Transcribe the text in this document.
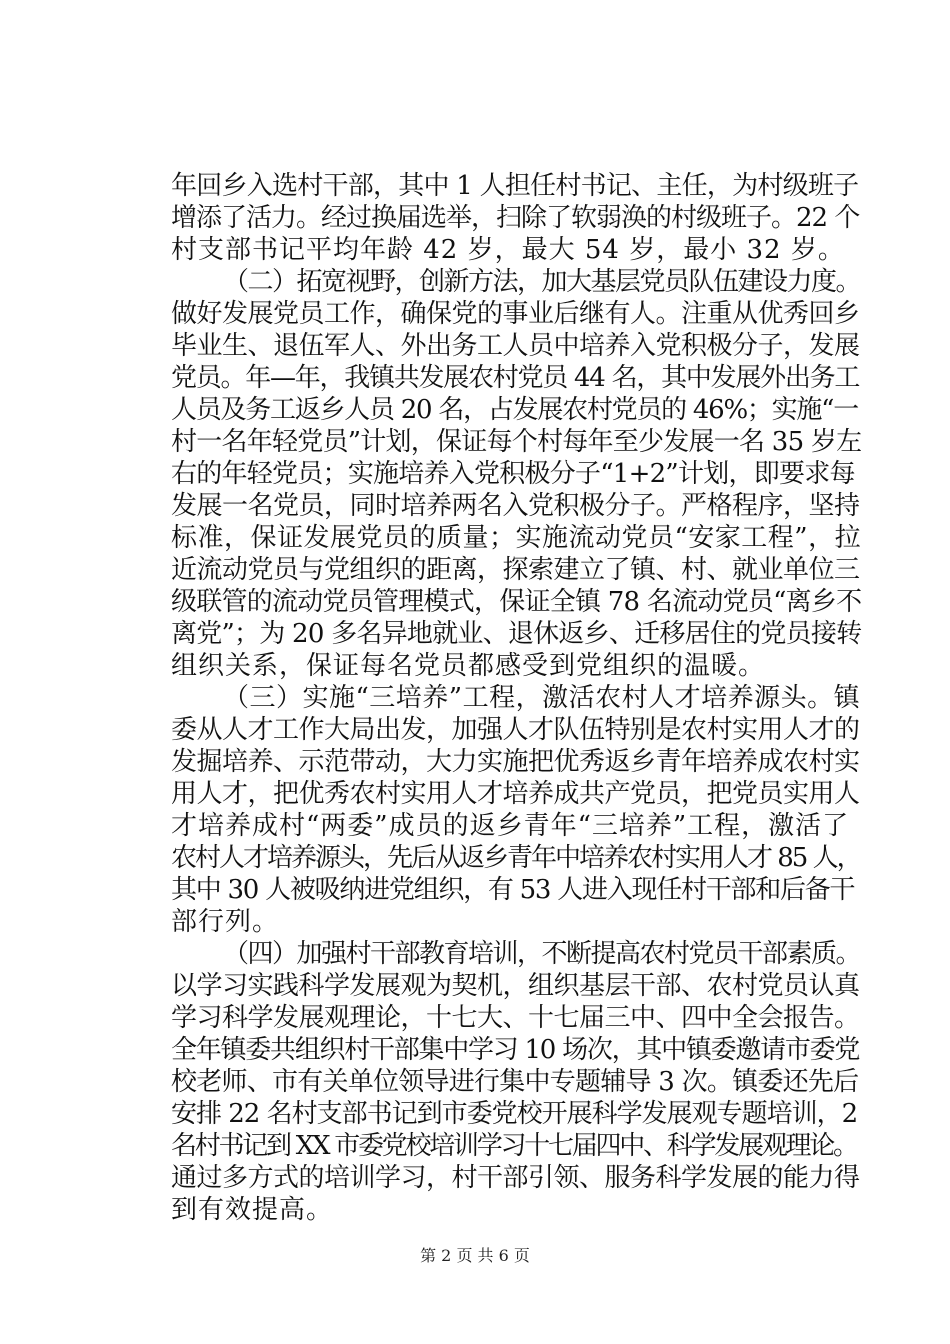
年回乡入选村干部，其中 1 人担任村书记、主任，为村级班子
增添了活力。经过换届选举，扫除了软弱涣的村级班子。22 个
村支部书记平均年龄 42 岁，最大 54 岁，最小 32 岁。
（二）拓宽视野，创新方法，加大基层党员队伍建设力度。
做好发展党员工作，确保党的事业后继有人。注重从优秀回乡
毕业生、退伍军人、外出务工人员中培养入党积极分子，发展
党员。年—年，我镇共发展农村党员 44 名，其中发展外出务工
人员及务工返乡人员 20 名，占发展农村党员的 46%；实施“一
村一名年轻党员”计划，保证每个村每年至少发展一名 35 岁左
右的年轻党员；实施培养入党积极分子“1+2”计划，即要求每
发展一名党员，同时培养两名入党积极分子。严格程序，坚持
标准，保证发展党员的质量；实施流动党员“安家工程”，拉
近流动党员与党组织的距离，探索建立了镇、村、就业单位三
级联管的流动党员管理模式，保证全镇 78 名流动党员“离乡不
离党”；为 20 多名异地就业、退休返乡、迁移居住的党员接转
组织关系，保证每名党员都感受到党组织的温暖。
（三）实施“三培养”工程，激活农村人才培养源头。镇
委从人才工作大局出发，加强人才队伍特别是农村实用人才的
发掘培养、示范带动，大力实施把优秀返乡青年培养成农村实
用人才，把优秀农村实用人才培养成共产党员，把党员实用人
才培养成村“两委”成员的返乡青年“三培养”工程，激活了
农村人才培养源头，先后从返乡青年中培养农村实用人才 85 人，
其中 30 人被吸纳进党组织，有 53 人进入现任村干部和后备干
部行列。
（四）加强村干部教育培训，不断提高农村党员干部素质。
以学习实践科学发展观为契机，组织基层干部、农村党员认真
学习科学发展观理论，十七大、十七届三中、四中全会报告。
全年镇委共组织村干部集中学习 10 场次，其中镇委邀请市委党
校老师、市有关单位领导进行集中专题辅导 3 次。镇委还先后
安排 22 名村支部书记到市委党校开展科学发展观专题培训，2
名村书记到 XX 市委党校培训学习十七届四中、科学发展观理论。
通过多方式的培训学习，村干部引领、服务科学发展的能力得
到有效提高。
第 2 页 共 6 页
